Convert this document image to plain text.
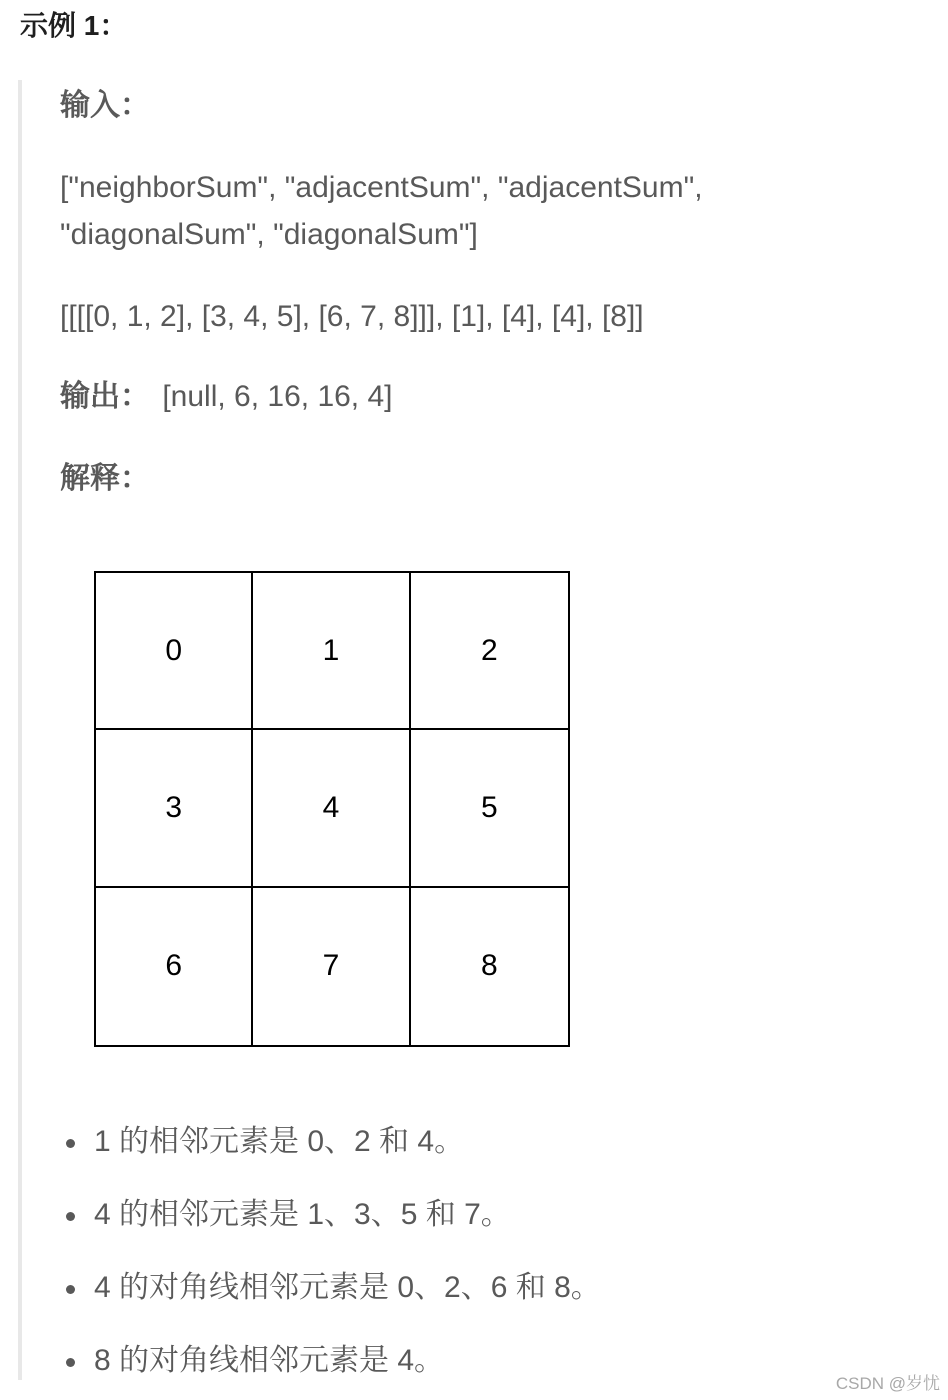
示例 1：

输入：

["neighborSum", "adjacentSum", "adjacentSum",

"diagonalSum", "diagonalSum"]

[[[[0, 1, 2], [3, 4, 5], [6, 7, 8]]], [1], [4], [4], [8]]

输出： [null, 6, 16, 16, 4]

解释：

0	1	2
3	4	5
6	7	8
1 的相邻元素是 0、2 和 4。
4 的相邻元素是 1、3、5 和 7。
4 的对角线相邻元素是 0、2、6 和 8。
8 的对角线相邻元素是 4。
CSDN @岁忧
